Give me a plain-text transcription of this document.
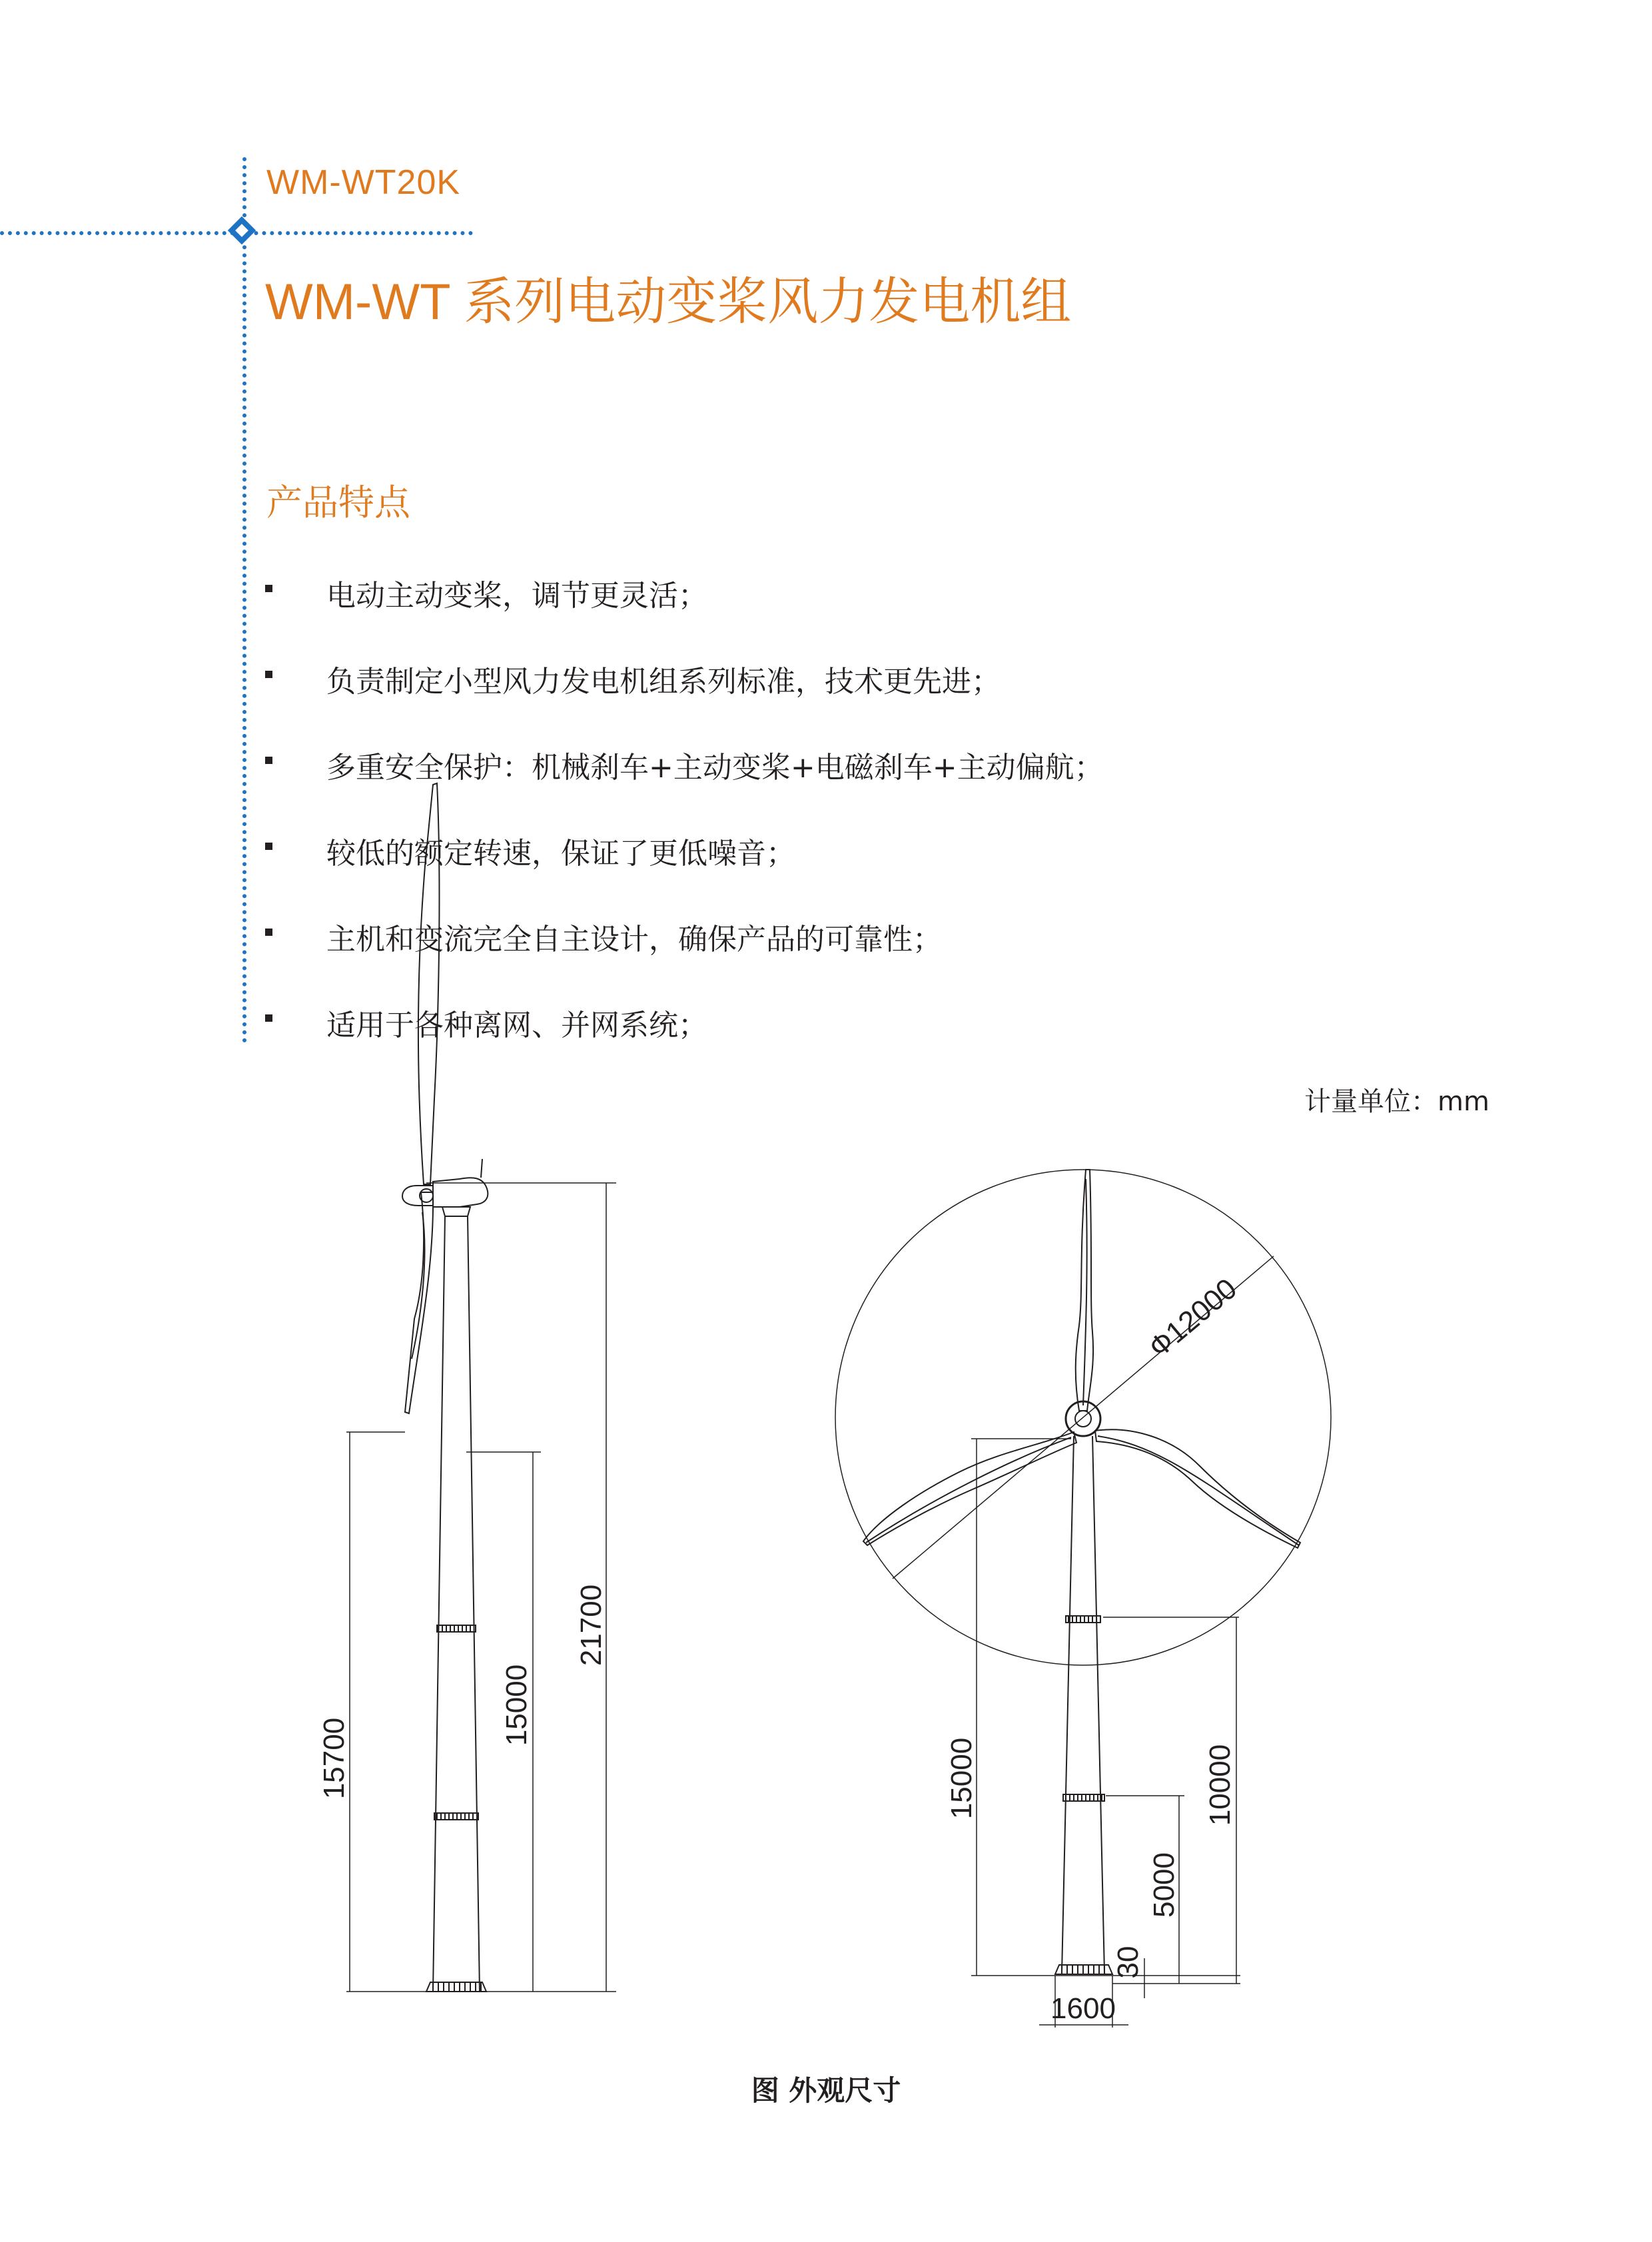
WM-WT20K
WM-WT 系列电动变桨风力发电机组
产品特点
电动主动变桨，调节更灵活；
负责制定小型风力发电机组系列标准，技术更先进；
多重安全保护：机械刹车+主动变桨+电磁刹车+主动偏航；
较低的额定转速，保证了更低噪音；
主机和变流完全自主设计，确保产品的可靠性；
适用于各种离网、并网系统；
计量单位：mm
15700
15000
21700
Ф12000
15000	10000
5000
30
1600
图 外观尺寸
